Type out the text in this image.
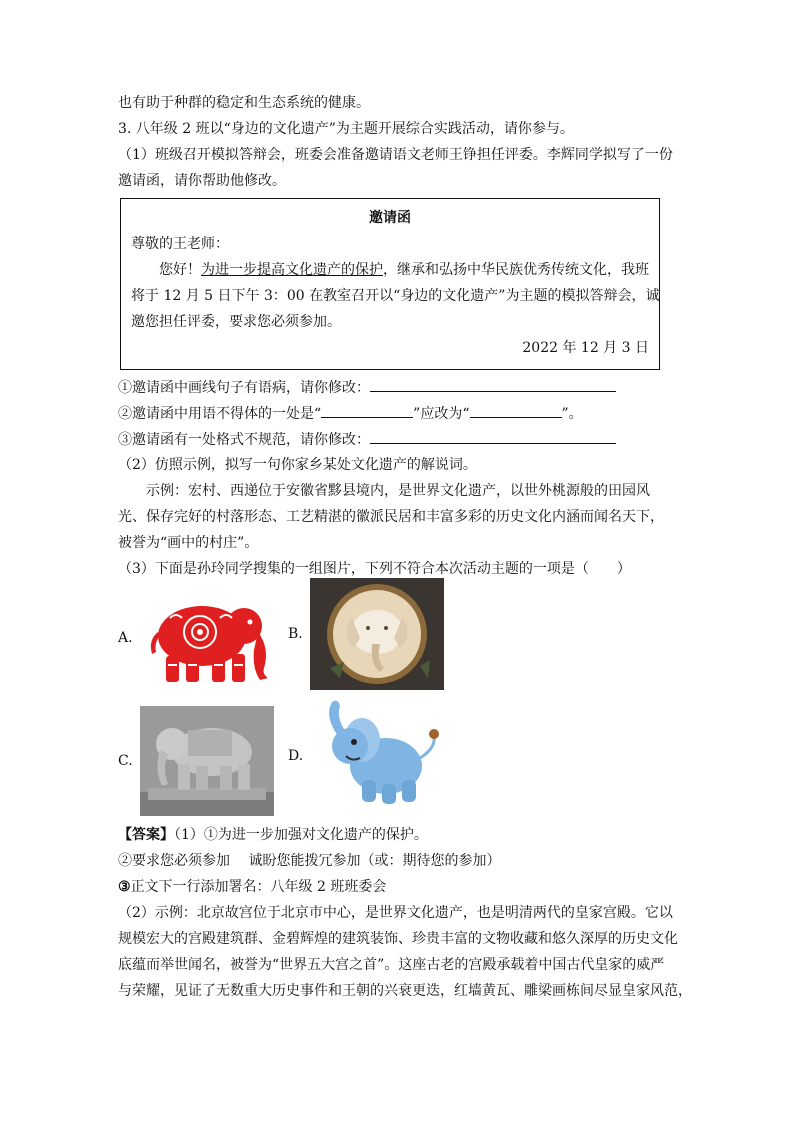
也有助于种群的稳定和生态系统的健康。
3. 八年级 2 班以“身边的文化遗产”为主题开展综合实践活动，请你参与。
（1）班级召开模拟答辩会，班委会准备邀请语文老师王铮担任评委。李辉同学拟写了一份
邀请函，请你帮助他修改。
邀请函
尊敬的王老师：
您好！为进一步提高文化遗产的保护，继承和弘扬中华民族优秀传统文化，我班
将于 12 月 5 日下午 3：00 在教室召开以“身边的文化遗产”为主题的模拟答辩会，诚
邀您担任评委，要求您必须参加。
2022 年 12 月 3 日
①邀请函中画线句子有语病，请你修改：
②邀请函中用语不得体的一处是“	”应改为“	”。
③邀请函有一处格式不规范，请你修改：
（2）仿照示例，拟写一句你家乡某处文化遗产的解说词。
示例：宏村、西递位于安徽省黟县境内，是世界文化遗产，以世外桃源般的田园风
光、保存完好的村落形态、工艺精湛的徽派民居和丰富多彩的历史文化内涵而闻名天下，
被誉为“画中的村庄”。
（3）下面是孙玲同学搜集的一组图片，下列不符合本次活动主题的一项是（　　）
A.	B.
C.	D.
【答案】（1）①为进一步加强对文化遗产的保护。
②要求您必须参加　 诚盼您能拨冗参加（或：期待您的参加）
③正文下一行添加署名：八年级 2 班班委会
（2）示例：北京故宫位于北京市中心，是世界文化遗产，也是明清两代的皇家宫殿。它以
规模宏大的宫殿建筑群、金碧辉煌的建筑装饰、珍贵丰富的文物收藏和悠久深厚的历史文化
底蕴而举世闻名，被誉为“世界五大宫之首”。这座古老的宫殿承载着中国古代皇家的威严
与荣耀，见证了无数重大历史事件和王朝的兴衰更迭，红墙黄瓦、雕梁画栋间尽显皇家风范，
